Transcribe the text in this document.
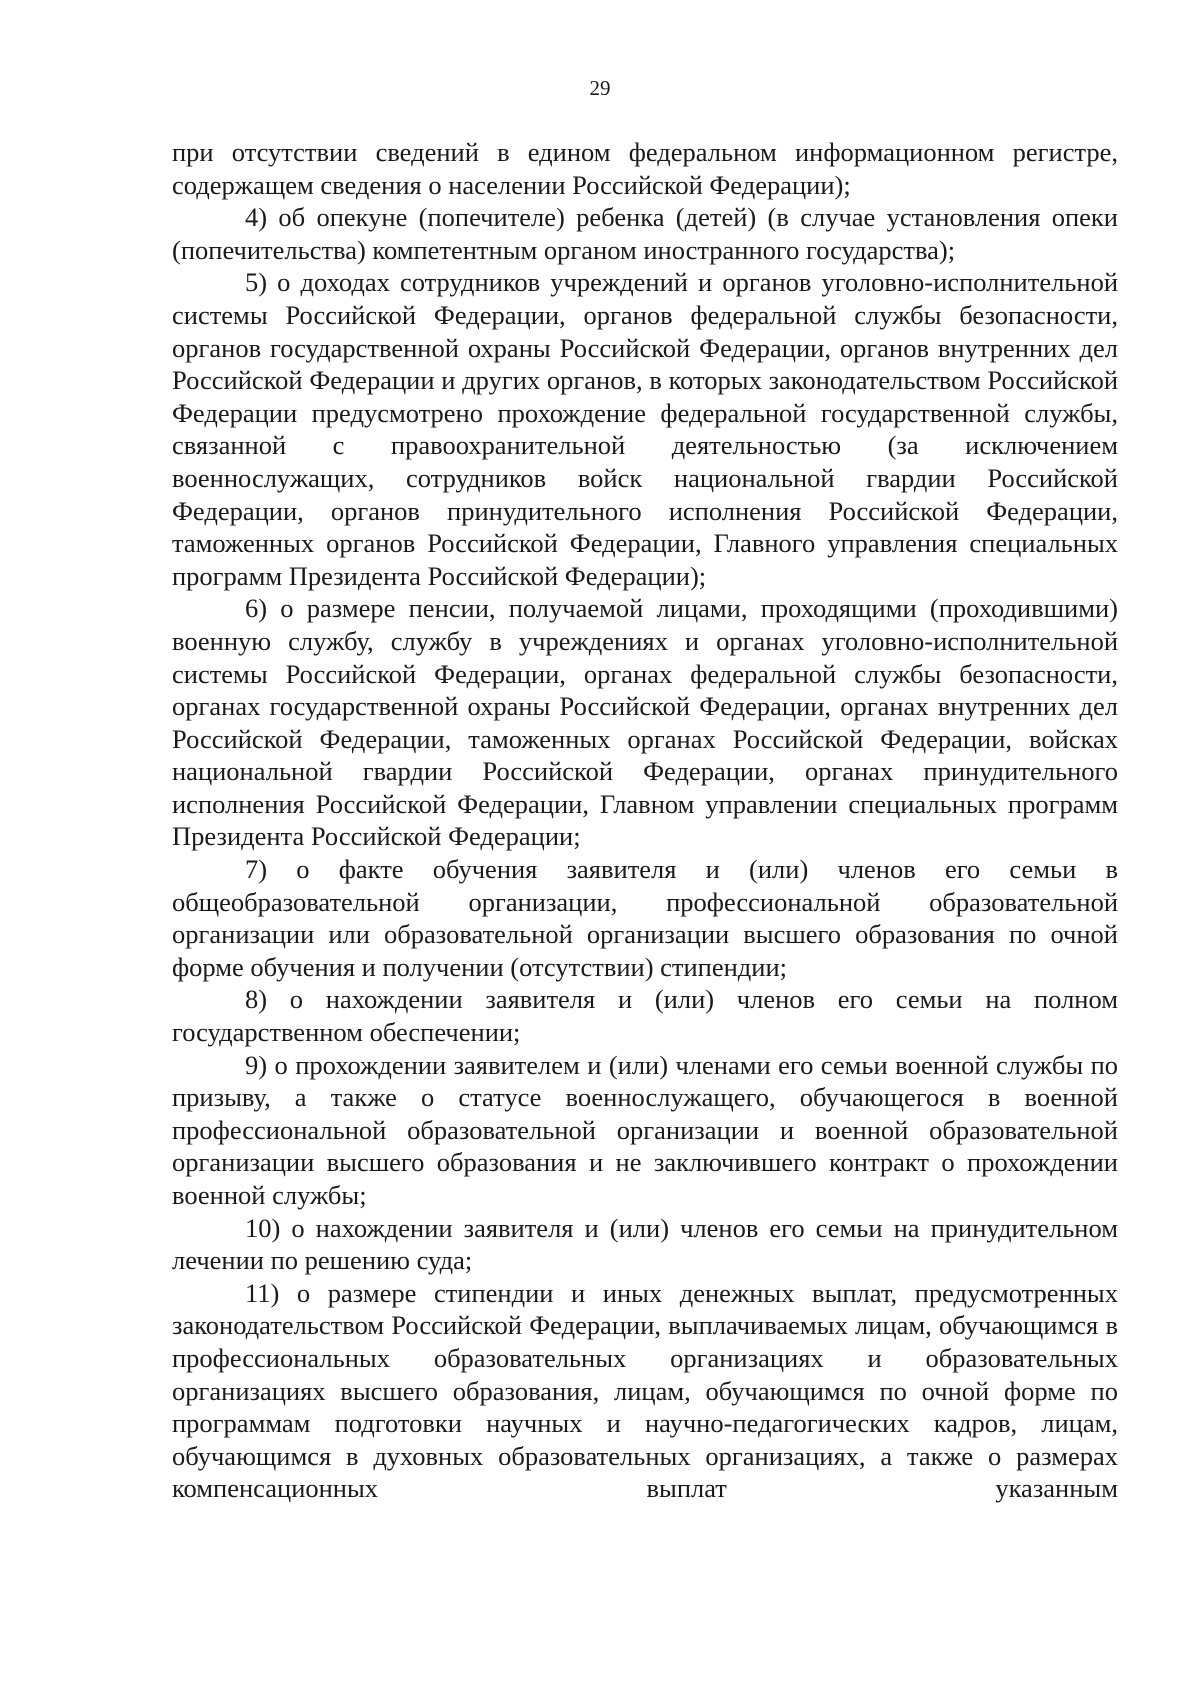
29

при отсутствии сведений в едином федеральном информационном регистре, содержащем сведения о населении Российской Федерации);

4) об опекуне (попечителе) ребенка (детей) (в случае установления опеки (попечительства) компетентным органом иностранного государства);

5) о доходах сотрудников учреждений и органов уголовно-исполнительной системы Российской Федерации, органов федеральной службы безопасности, органов государственной охраны Российской Федерации, органов внутренних дел Российской Федерации и других органов, в которых законодательством Российской Федерации предусмотрено прохождение федеральной государственной службы, связанной с правоохранительной деятельностью (за исключением военнослужащих, сотрудников войск национальной гвардии Российской Федерации, органов принудительного исполнения Российской Федерации, таможенных органов Российской Федерации, Главного управления специальных программ Президента Российской Федерации);

6) о размере пенсии, получаемой лицами, проходящими (проходившими) военную службу, службу в учреждениях и органах уголовно-исполнительной системы Российской Федерации, органах федеральной службы безопасности, органах государственной охраны Российской Федерации, органах внутренних дел Российской Федерации, таможенных органах Российской Федерации, войсках национальной гвардии Российской Федерации, органах принудительного исполнения Российской Федерации, Главном управлении специальных программ Президента Российской Федерации;

7) о факте обучения заявителя и (или) членов его семьи в общеобразовательной организации, профессиональной образовательной организации или образовательной организации высшего образования по очной форме обучения и получении (отсутствии) стипендии;

8) о нахождении заявителя и (или) членов его семьи на полном государственном обеспечении;

9) о прохождении заявителем и (или) членами его семьи военной службы по призыву, а также о статусе военнослужащего, обучающегося в военной профессиональной образовательной организации и военной образовательной организации высшего образования и не заключившего контракт о прохождении военной службы;

10) о нахождении заявителя и (или) членов его семьи на принудительном лечении по решению суда;

11) о размере стипендии и иных денежных выплат, предусмотренных законодательством Российской Федерации, выплачиваемых лицам, обучающимся в профессиональных образовательных организациях и образовательных организациях высшего образования, лицам, обучающимся по очной форме по программам подготовки научных и научно-педагогических кадров, лицам, обучающимся в духовных образовательных организациях, а также о размерах компенсационных выплат указанным
